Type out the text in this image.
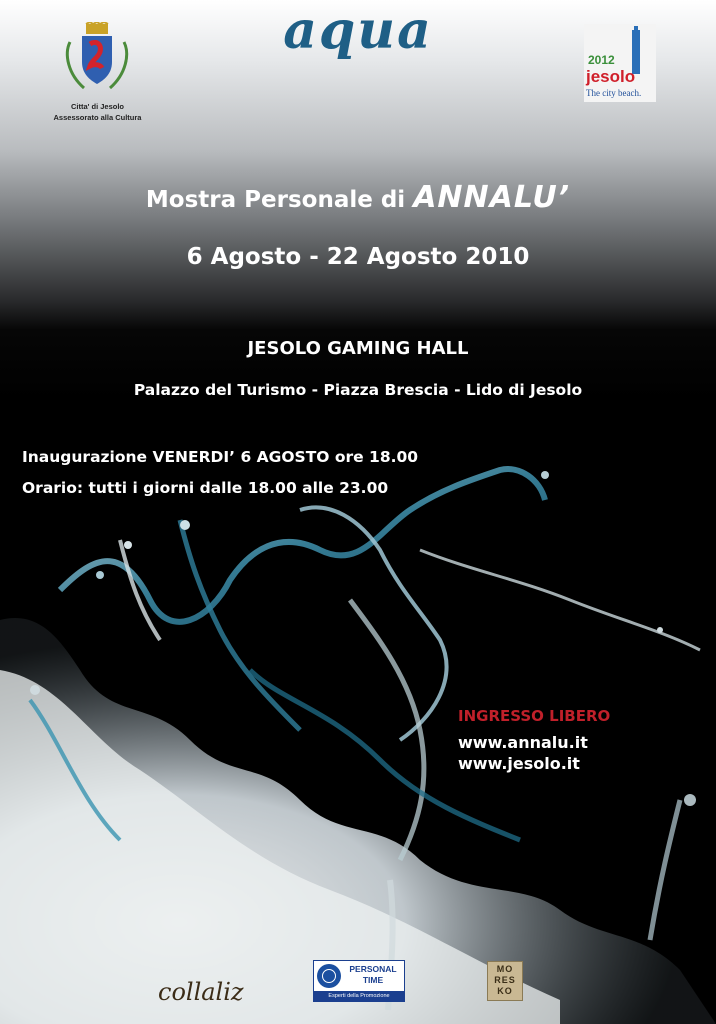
Citta' di Jesolo
Assessorato alla Cultura
2012
jesolo
The city beach.
aqua
Mostra Personale di ANNALU’
6 Agosto - 22 Agosto 2010
JESOLO GAMING HALL
Palazzo del Turismo - Piazza Brescia - Lido di Jesolo
Inaugurazione VENERDI’ 6 AGOSTO ore 18.00
Orario: tutti i giorni dalle 18.00 alle 23.00
INGRESSO LIBERO
www.annalu.it
www.jesolo.it
collaliz
PERSONAL
TIME
Esperti della Promozione
MO
RES
KO
